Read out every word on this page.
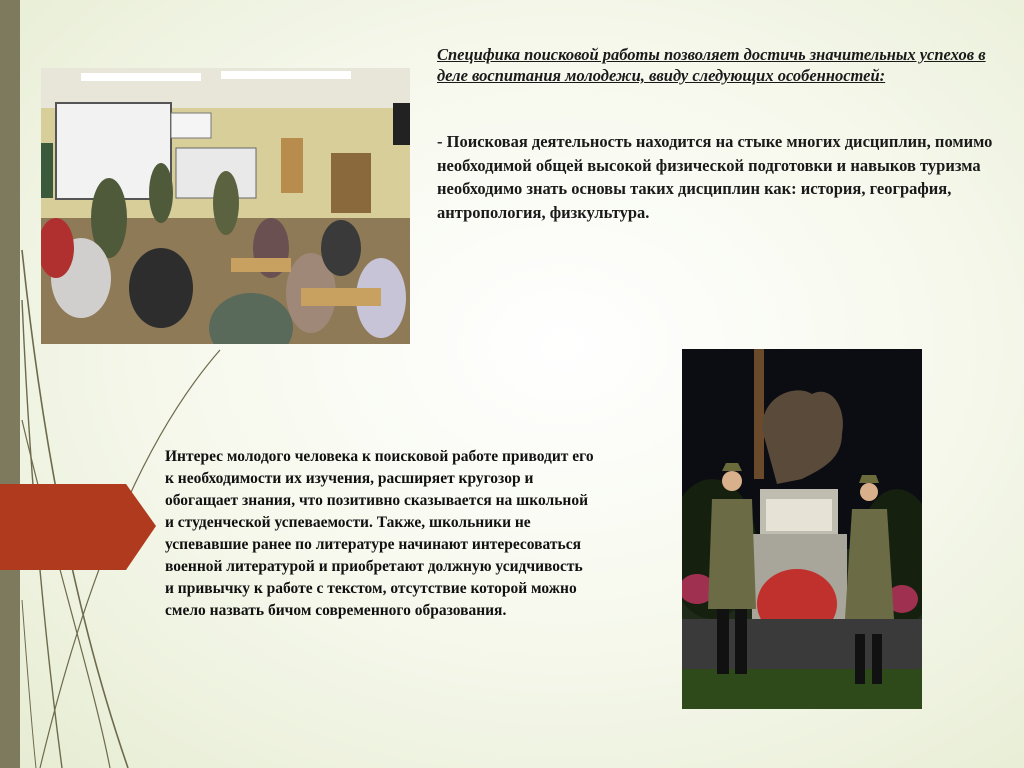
Специфика поисковой работы позволяет достичь значительных успехов в деле воспитания молодежи, ввиду следующих особенностей:

- Поисковая деятельность находится на стыке многих дисциплин, помимо необходимой общей высокой физической подготовки и навыков туризма необходимо знать основы таких дисциплин как: история, география, антропология, физкультура.

Интерес молодого человека к поисковой работе приводит его к необходимости их изучения, расширяет кругозор и обогащает знания, что позитивно сказывается на школьной и студенческой успеваемости. Также, школьники не успевавшие ранее по литературе начинают интересоваться военной литературой и приобретают должную усидчивость и привычку к работе с текстом, отсутствие которой можно смело назвать бичом современного образования.
